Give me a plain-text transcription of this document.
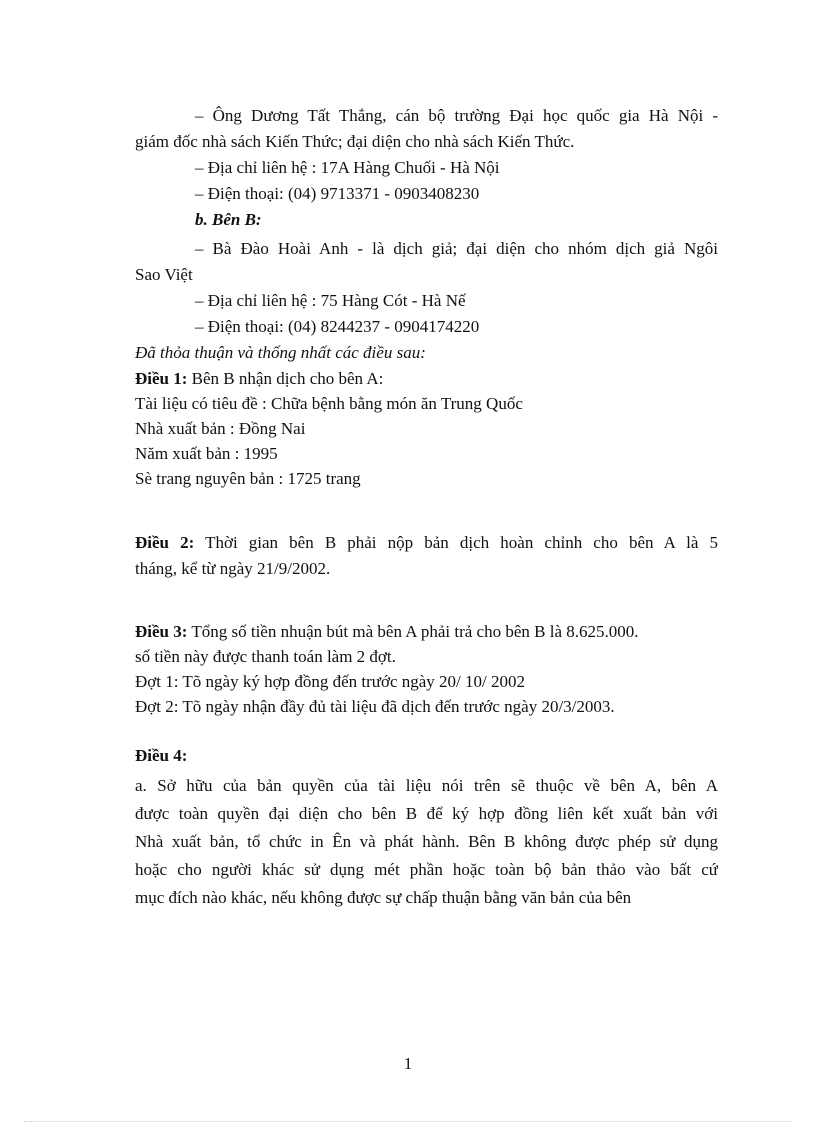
– Ông Dương Tất Thắng, cán bộ trường Đại học quốc gia Hà Nội -
giám đốc nhà sách Kiến Thức; đại diện cho nhà sách Kiến Thức.
– Địa chỉ liên hệ : 17A Hàng Chuối - Hà Nội
– Điện thoại: (04) 9713371 - 0903408230
b. Bên B:
– Bà Đào Hoài Anh - là dịch giả; đại diện cho nhóm dịch giả Ngôi
Sao Việt
– Địa chỉ liên hệ : 75 Hàng Cót - Hà Nế
– Điện thoại: (04) 8244237 - 0904174220
Đã thỏa thuận và thống nhất các điều sau:
Điều 1: Bên B nhận dịch cho bên A:
Tài liệu có tiêu đề : Chữa bệnh bằng món ăn Trung Quốc
Nhà xuất bản : Đồng Nai
Năm xuất bản : 1995
Sè trang nguyên bản : 1725 trang
Điều 2: Thời gian bên B phải nộp bản dịch hoàn chỉnh cho bên A là 5
tháng, kể từ ngày 21/9/2002.
Điều 3: Tổng số tiền nhuận bút mà bên A phải trả cho bên B là 8.625.000.
số tiền này được thanh toán làm 2 đợt.
Đợt 1: Tõ ngày ký hợp đồng đến trước ngày 20/ 10/ 2002
Đợt 2: Tõ ngày nhận đầy đủ tài liệu đã dịch đến trước ngày 20/3/2003.
Điều 4:
a. Sở hữu của bản quyền của tài liệu nói trên sẽ thuộc về bên A, bên A
được toàn quyền đại diện cho bên B để ký hợp đồng liên kết xuất bản với
Nhà xuất bản, tổ chức in Ên và phát hành. Bên B không được phép sử dụng
hoặc cho người khác sử dụng mét phần hoặc toàn bộ bản thảo vào bất cứ
mục đích nào khác, nếu không được sự chấp thuận bằng văn bản của bên
1
